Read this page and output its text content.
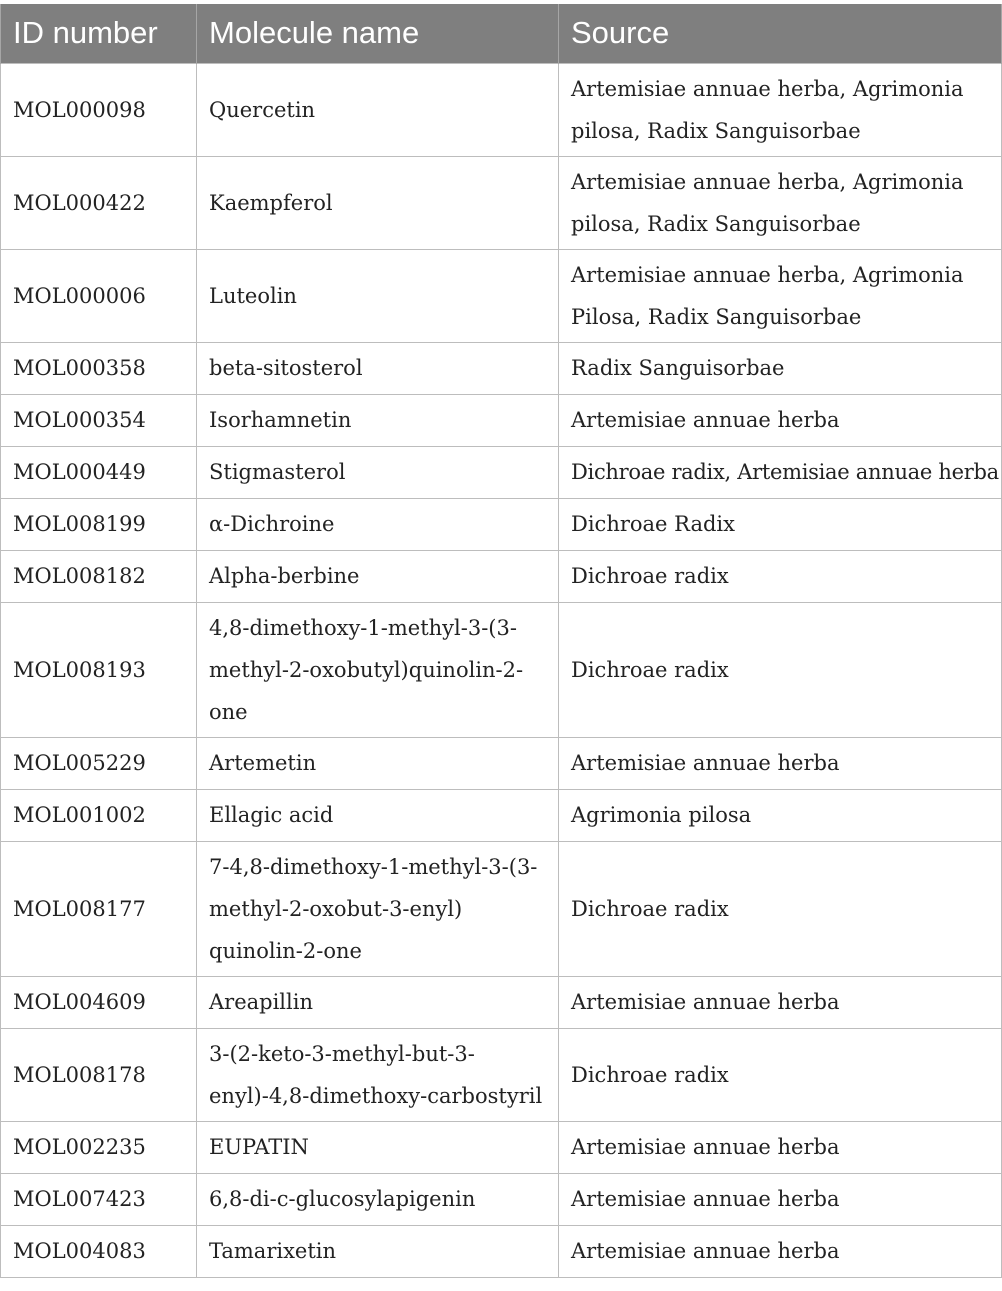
ID number	Molecule name	Source
MOL000098	Quercetin	Artemisiae annuae herba, Agrimonia pilosa, Radix Sanguisorbae
MOL000422	Kaempferol	Artemisiae annuae herba, Agrimonia pilosa, Radix Sanguisorbae
MOL000006	Luteolin	Artemisiae annuae herba, Agrimonia Pilosa, Radix Sanguisorbae
MOL000358	beta-sitosterol	Radix Sanguisorbae
MOL000354	Isorhamnetin	Artemisiae annuae herba
MOL000449	Stigmasterol	Dichroae radix, Artemisiae annuae herba
MOL008199	α-Dichroine	Dichroae Radix
MOL008182	Alpha-berbine	Dichroae radix
MOL008193	4,8-dimethoxy-1-methyl-3-(3-methyl-2-oxobutyl)quinolin-2-one	Dichroae radix
MOL005229	Artemetin	Artemisiae annuae herba
MOL001002	Ellagic acid	Agrimonia pilosa
MOL008177	7-4,8-dimethoxy-1-methyl-3-(3-methyl-2-oxobut-3-enyl) quinolin-2-one	Dichroae radix
MOL004609	Areapillin	Artemisiae annuae herba
MOL008178	3-(2-keto-3-methyl-but-3-enyl)-4,8-dimethoxy-carbostyril	Dichroae radix
MOL002235	EUPATIN	Artemisiae annuae herba
MOL007423	6,8-di-c-glucosylapigenin	Artemisiae annuae herba
MOL004083	Tamarixetin	Artemisiae annuae herba
